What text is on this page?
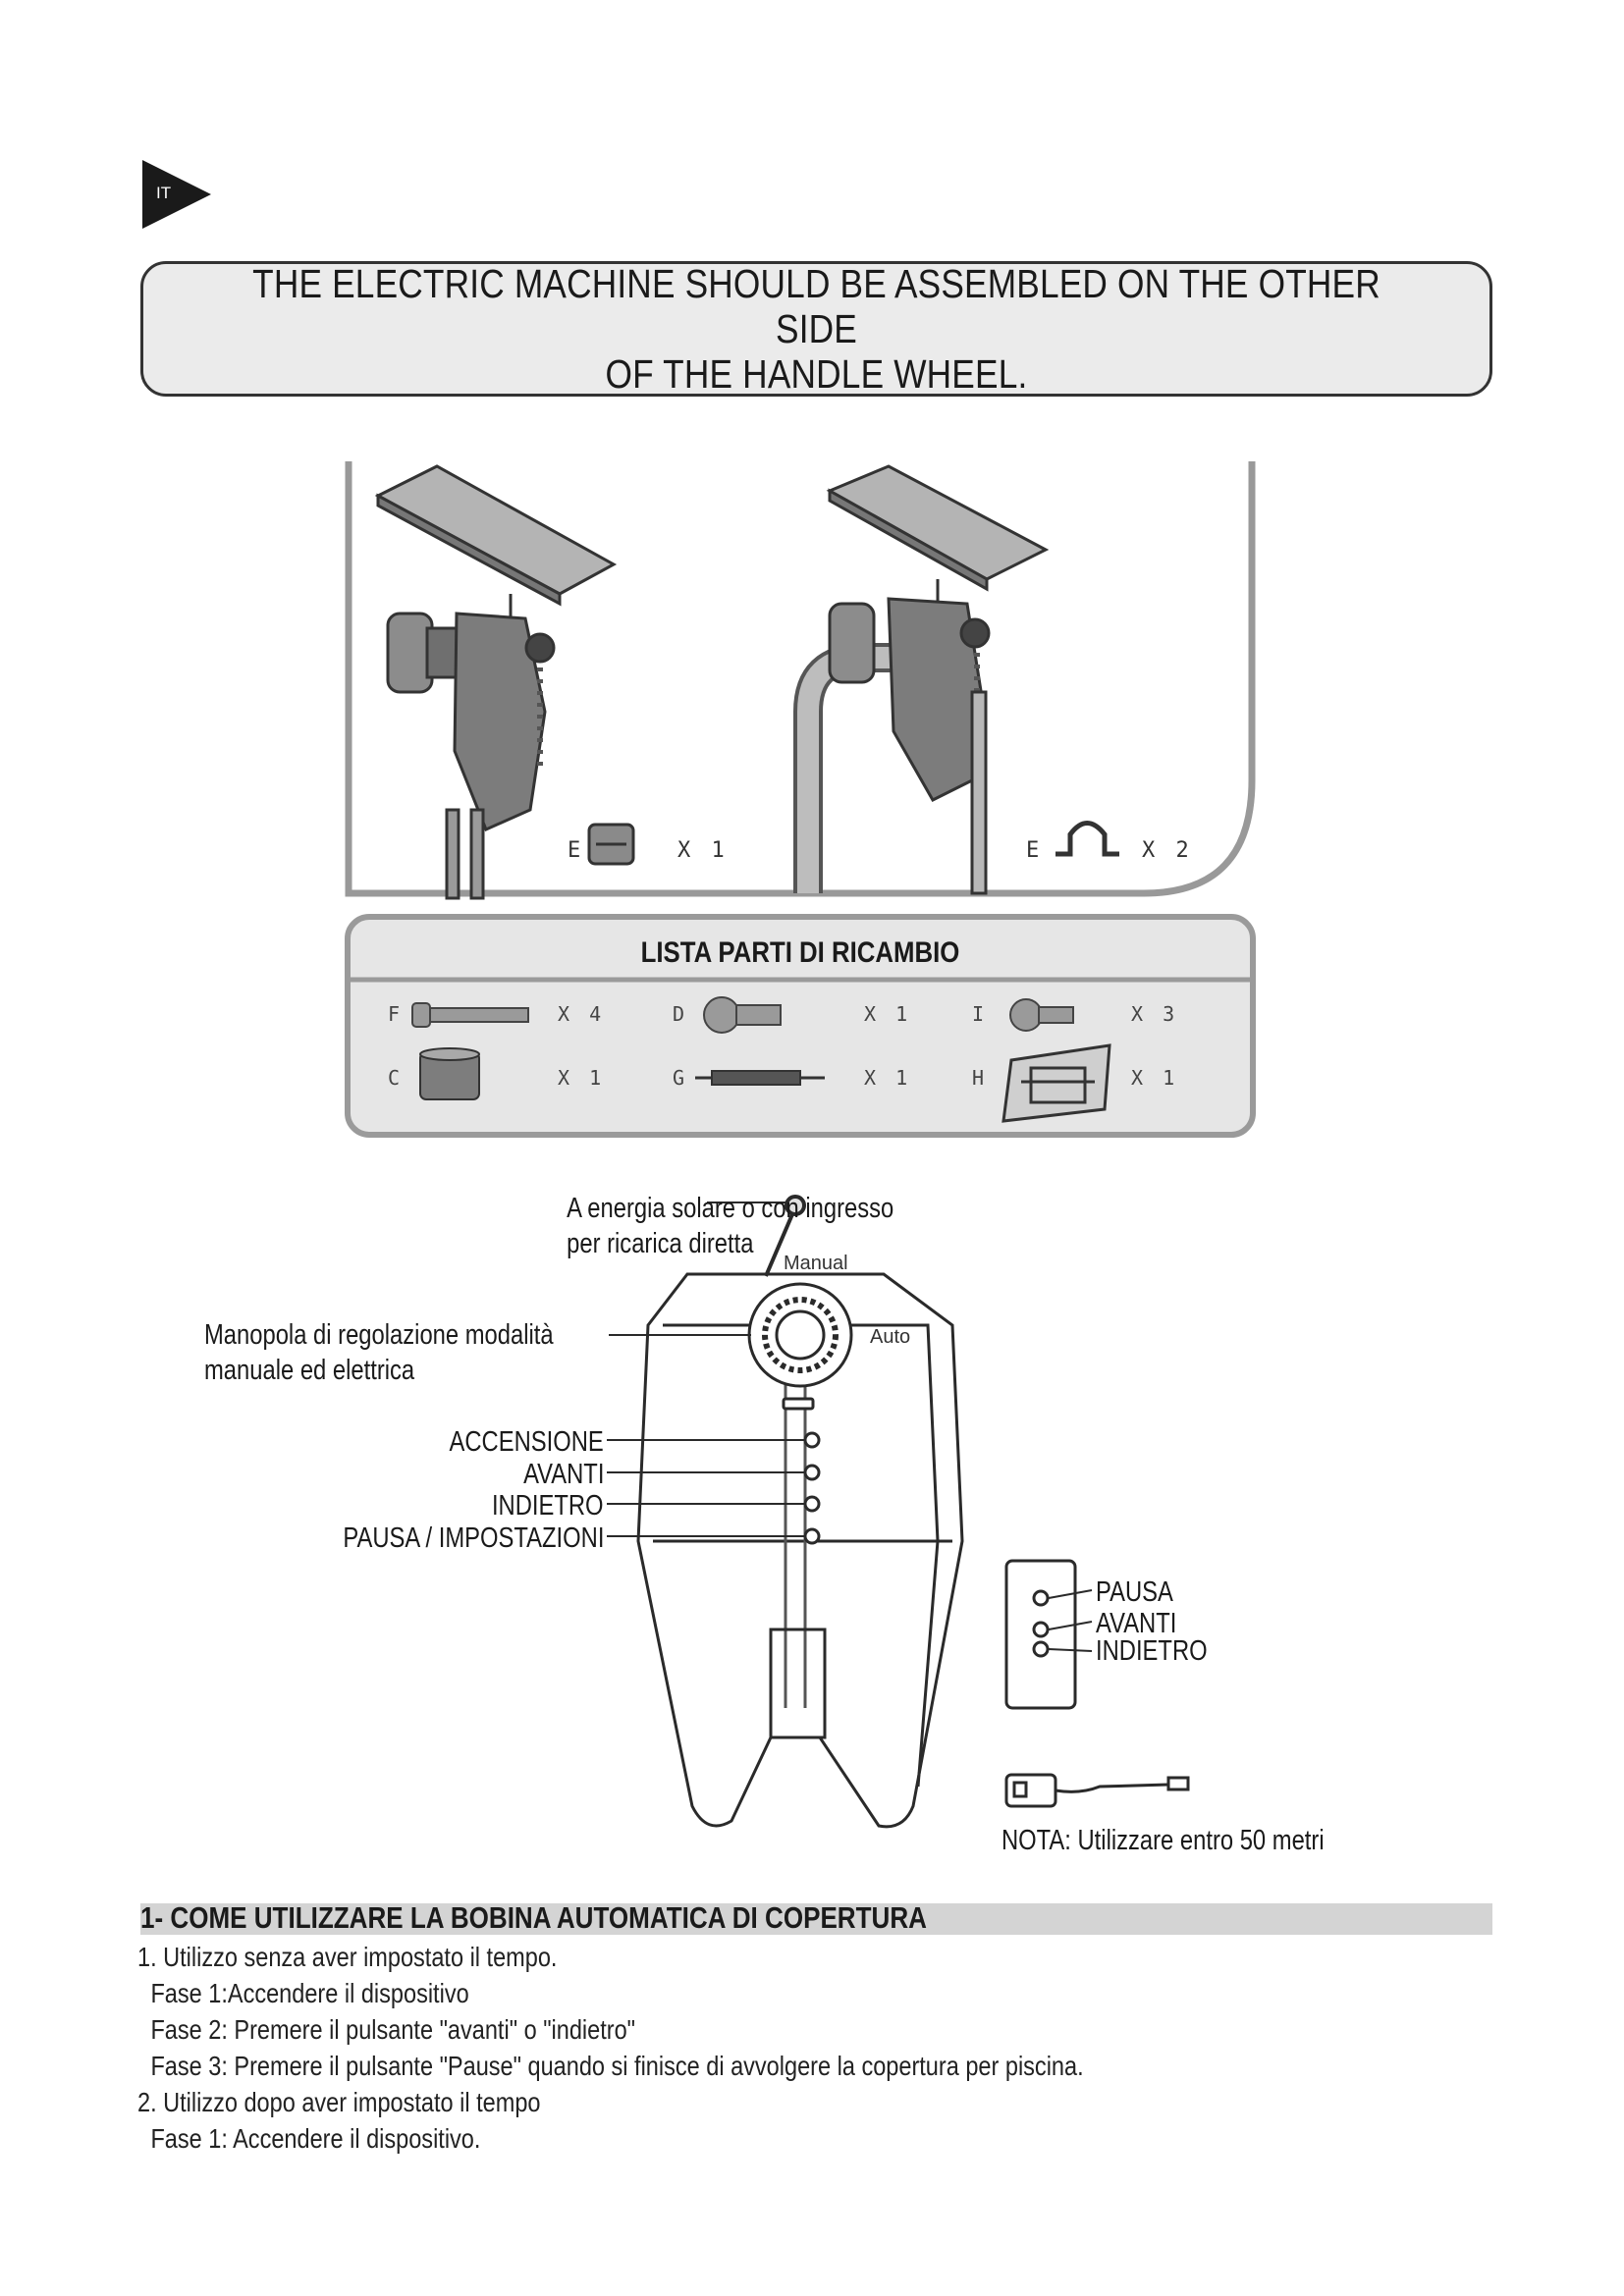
IT
THE ELECTRIC MACHINE SHOULD BE ASSEMBLED ON THE OTHER SIDE
OF THE HANDLE WHEEL.
E	X 1	E	X 2
LISTA PARTI DI RICAMBIO
F	X 4	D	X 1	I	X 3
C	X 1	G	X 1	H	X 1
Manual
Auto
A energia solare o con ingresso
per ricarica diretta
Manopola di regolazione modalità
manuale ed elettrica
ACCENSIONE
AVANTI
INDIETRO
PAUSA / IMPOSTAZIONI
PAUSA
AVANTI
INDIETRO
NOTA: Utilizzare entro 50 metri
1- COME UTILIZZARE LA BOBINA AUTOMATICA DI COPERTURA
1. Utilizzo senza aver impostato il tempo.
Fase 1:Accendere il dispositivo
Fase 2: Premere il pulsante "avanti" o "indietro"
Fase 3: Premere il pulsante "Pause" quando si finisce di avvolgere la copertura per piscina.
2. Utilizzo dopo aver impostato il tempo
Fase 1: Accendere il dispositivo.
